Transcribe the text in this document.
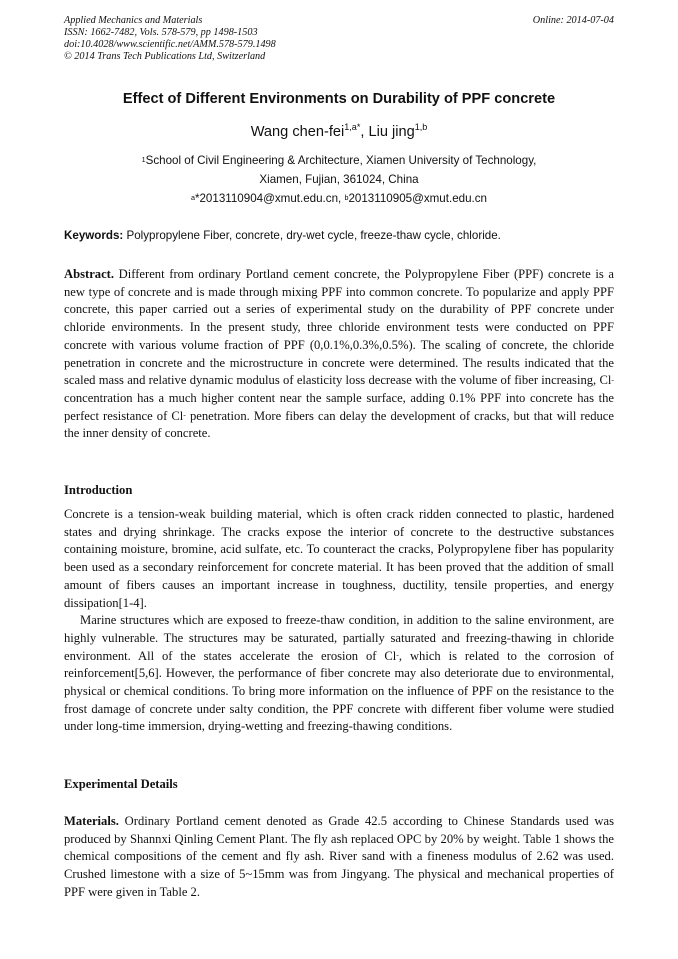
Applied Mechanics and Materials
ISSN: 1662-7482, Vols. 578-579, pp 1498-1503
doi:10.4028/www.scientific.net/AMM.578-579.1498
© 2014 Trans Tech Publications Ltd, Switzerland
Online: 2014-07-04
Effect of Different Environments on Durability of PPF concrete
Wang chen-fei$^{1,a*}$, Liu jing$^{1,b}$
$^1$School of Civil Engineering & Architecture, Xiamen University of Technology,
Xiamen, Fujian, 361024, China
$^a$*2013110904@xmut.edu.cn, $^b$2013110905@xmut.edu.cn
Keywords: Polypropylene Fiber, concrete, dry-wet cycle, freeze-thaw cycle, chloride.
Abstract. Different from ordinary Portland cement concrete, the Polypropylene Fiber (PPF) concrete is a new type of concrete and is made through mixing PPF into common concrete. To popularize and apply PPF concrete, this paper carried out a series of experimental study on the durability of PPF concrete under chloride environments. In the present study, three chloride environment tests were conducted on PPF concrete with various volume fraction of PPF (0,0.1%,0.3%,0.5%). The scaling of concrete, the chloride penetration in concrete and the microstructure in concrete were determined. The results indicated that the scaled mass and relative dynamic modulus of elasticity loss decrease with the volume of fiber increasing, Cl- concentration has a much higher content near the sample surface, adding 0.1% PPF into concrete has the perfect resistance of Cl- penetration. More fibers can delay the development of cracks, but that will reduce the inner density of concrete.
Introduction

Concrete is a tension-weak building material, which is often crack ridden connected to plastic, hardened states and drying shrinkage. The cracks expose the interior of concrete to the destructive substances containing moisture, bromine, acid sulfate, etc. To counteract the cracks, Polypropylene fiber has popularity been used as a secondary reinforcement for concrete material. It has been proved that the addition of small amount of fibers causes an important increase in toughness, ductility, tensile properties, and energy dissipation[1-4].

Marine structures which are exposed to freeze-thaw condition, in addition to the saline environment, are highly vulnerable. The structures may be saturated, partially saturated and freezing-thawing in chloride environment. All of the states accelerate the erosion of Cl-, which is related to the corrosion of reinforcement[5,6]. However, the performance of fiber concrete may also deteriorate due to environmental, physical or chemical conditions. To bring more information on the influence of PPF on the resistance to the frost damage of concrete under salty condition, the PPF concrete with different fiber volume were studied under long-time immersion, drying-wetting and freezing-thawing conditions.

Experimental Details
Materials. Ordinary Portland cement denoted as Grade 42.5 according to Chinese Standards used was produced by Shannxi Qinling Cement Plant. The fly ash replaced OPC by 20% by weight. Table 1 shows the chemical compositions of the cement and fly ash. River sand with a fineness modulus of 2.62 was used. Crushed limestone with a size of 5~15mm was from Jingyang. The physical and mechanical properties of PPF were given in Table 2.
